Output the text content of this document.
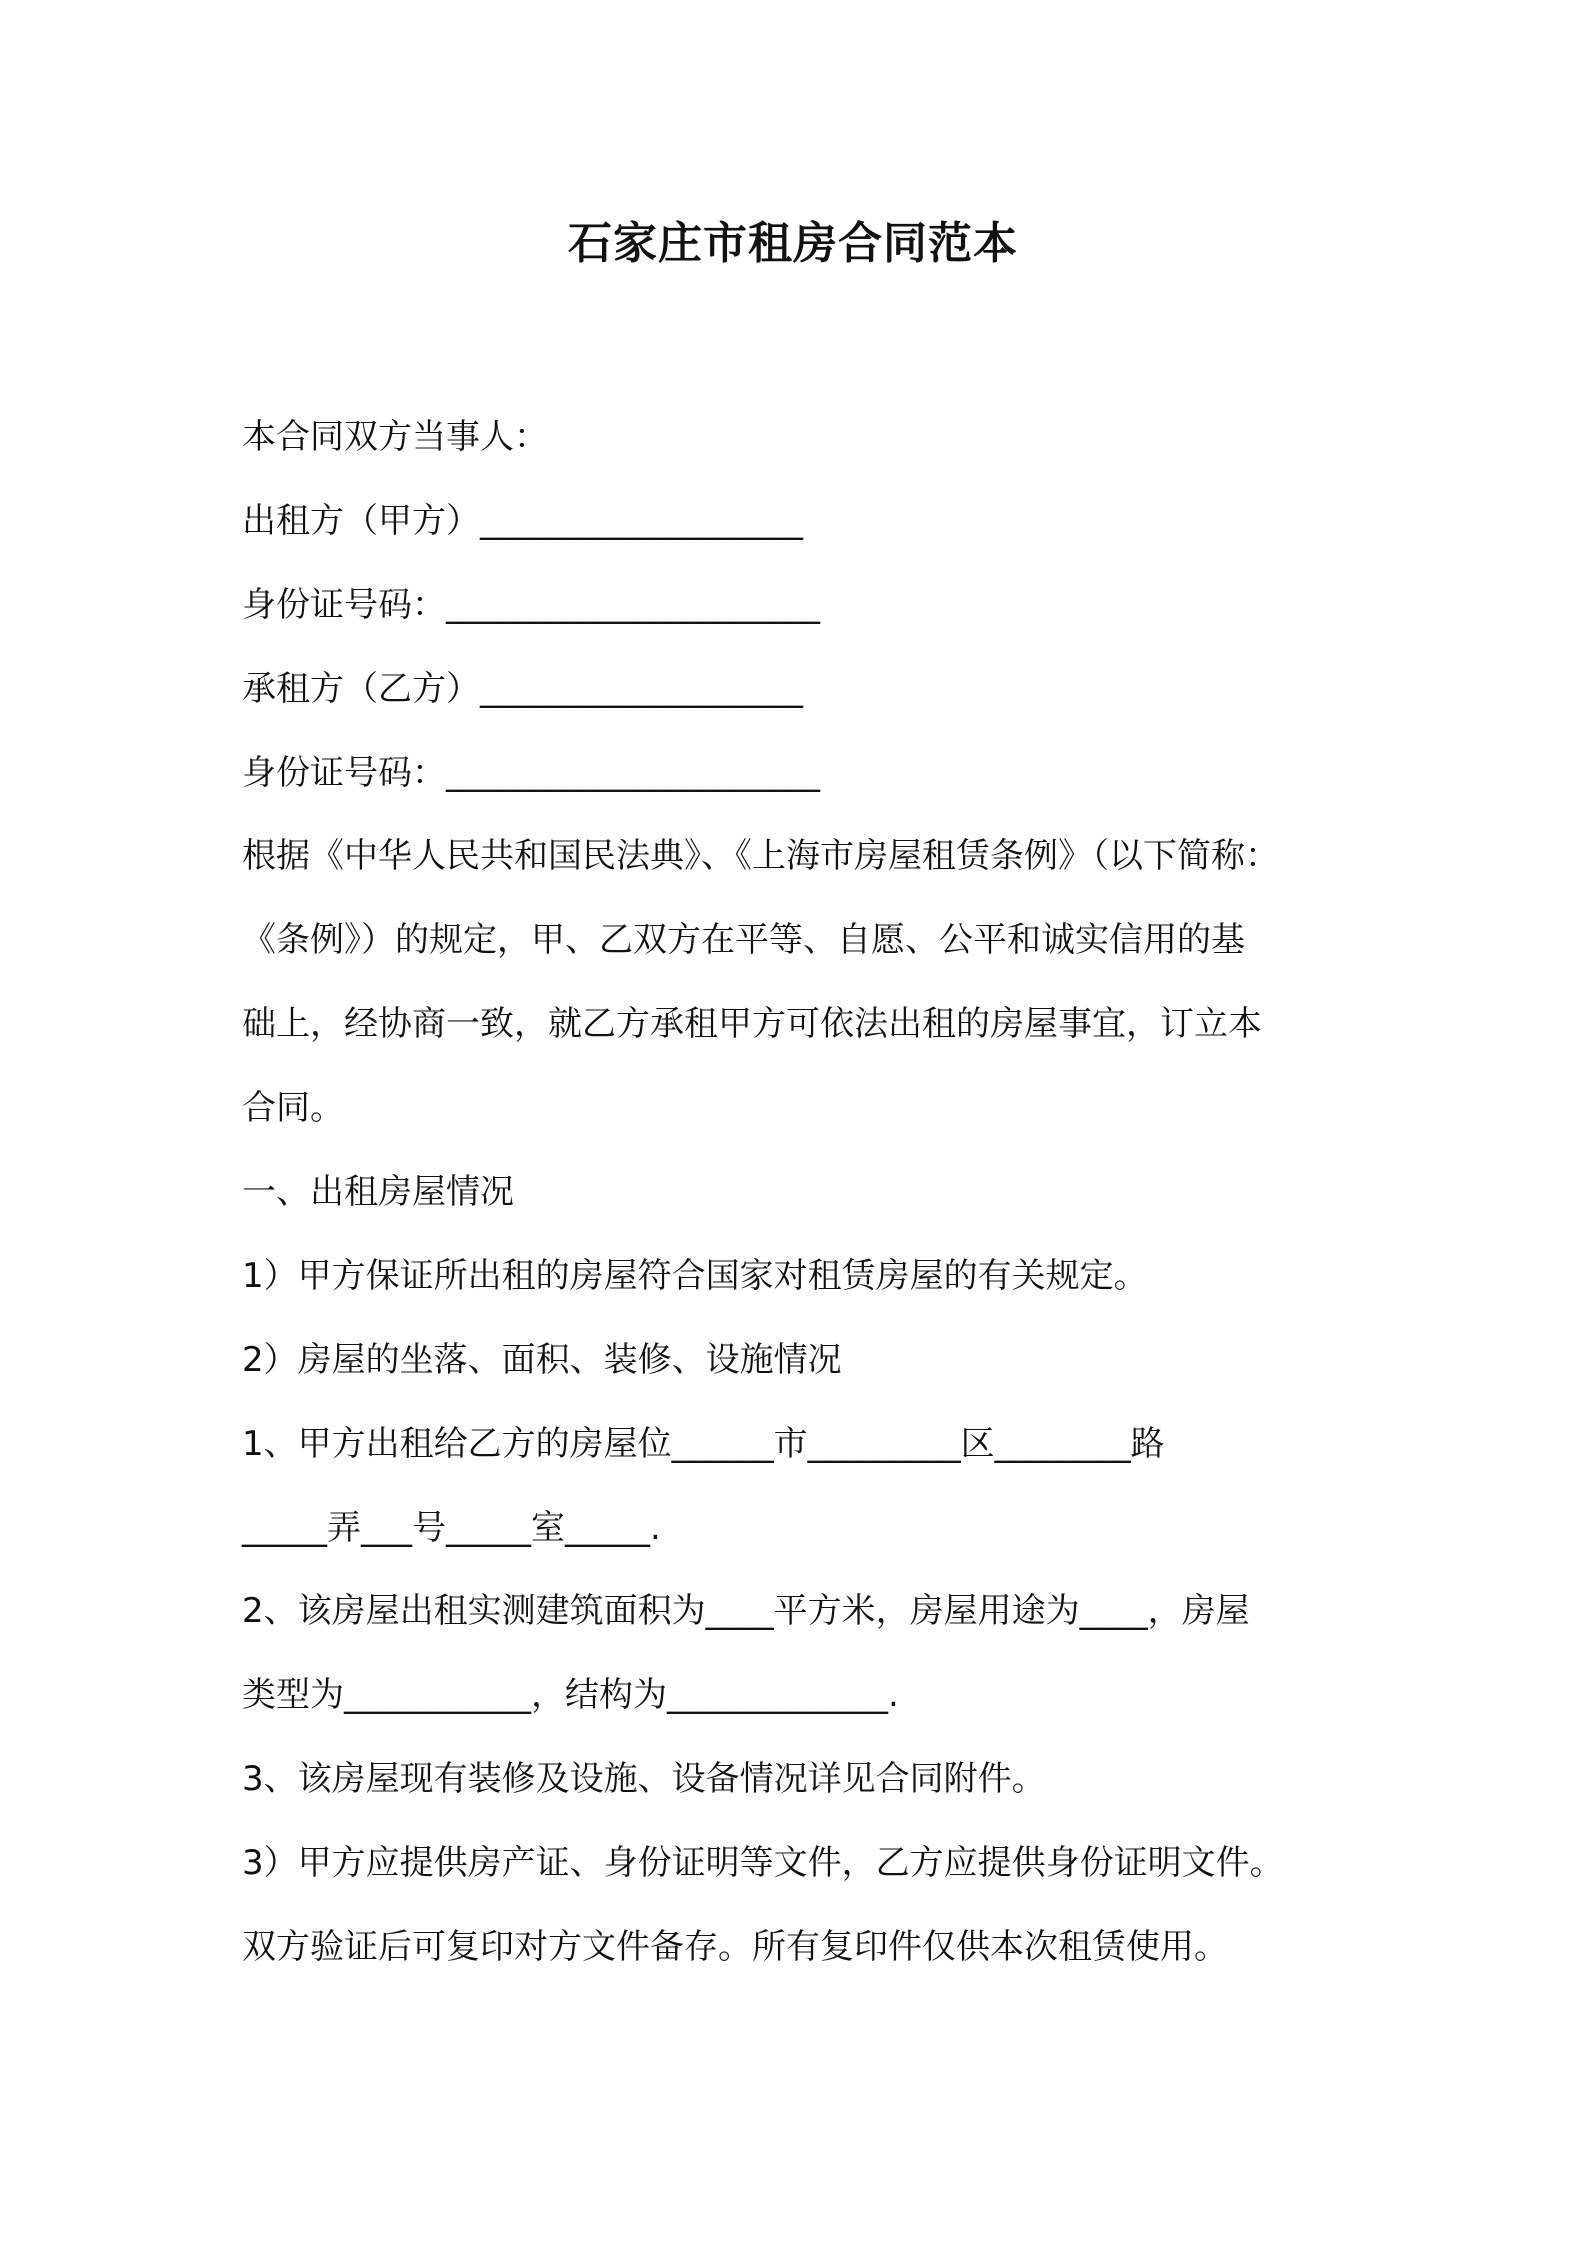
石家庄市租房合同范本
本合同双方当事人：
出租方（甲方）___________________
身份证号码：______________________
承租方（乙方）___________________
身份证号码：______________________
根据《中华人民共和国民法典》、《上海市房屋租赁条例》（以下简称：
《条例》）的规定，甲、乙双方在平等、自愿、公平和诚实信用的基
础上，经协商一致，就乙方承租甲方可依法出租的房屋事宜，订立本
合同。
一、出租房屋情况
1）甲方保证所出租的房屋符合国家对租赁房屋的有关规定。
2）房屋的坐落、面积、装修、设施情况
1、甲方出租给乙方的房屋位______市_________区________路
_____弄___号_____室_____.
2、该房屋出租实测建筑面积为____平方米，房屋用途为____，房屋
类型为___________，结构为_____________.
3、该房屋现有装修及设施、设备情况详见合同附件。
3）甲方应提供房产证、身份证明等文件，乙方应提供身份证明文件。
双方验证后可复印对方文件备存。所有复印件仅供本次租赁使用。
